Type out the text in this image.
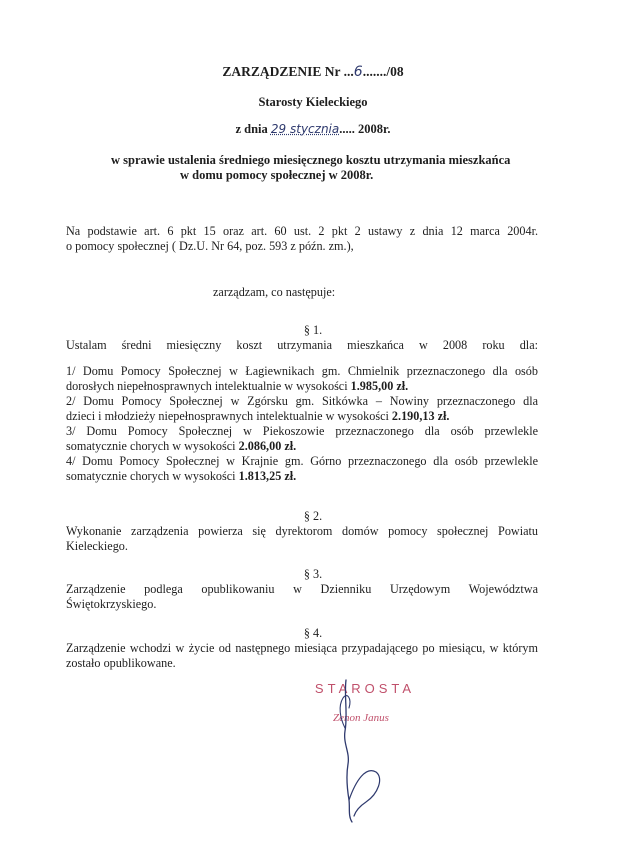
ZARZĄDZENIE Nr ...6......./08
Starosty Kieleckiego
z dnia 29 stycznia..... 2008r.
w sprawie ustalenia średniego miesięcznego kosztu utrzymania mieszkańca
w domu pomocy społecznej w 2008r.
Na podstawie art. 6 pkt 15 oraz art. 60 ust. 2 pkt 2 ustawy z dnia 12 marca 2004r.
o pomocy społecznej ( Dz.U. Nr 64, poz. 593 z późn. zm.),
zarządzam, co następuje:
§ 1.
Ustalam średni miesięczny koszt utrzymania mieszkańca w 2008 roku dla:
1/ Domu Pomocy Społecznej w Łagiewnikach gm. Chmielnik przeznaczonego dla osób
dorosłych niepełnosprawnych intelektualnie w wysokości 1.985,00 zł.
2/ Domu Pomocy Społecznej w Zgórsku gm. Sitkówka – Nowiny przeznaczonego dla
dzieci i młodzieży niepełnosprawnych intelektualnie w wysokości 2.190,13 zł.
3/ Domu Pomocy Społecznej w Piekoszowie przeznaczonego dla osób przewlekle
somatycznie chorych w wysokości 2.086,00 zł.
4/ Domu Pomocy Społecznej w Krajnie gm. Górno przeznaczonego dla osób przewlekle
somatycznie chorych w wysokości 1.813,25 zł.
§ 2.
Wykonanie zarządzenia powierza się dyrektorom domów pomocy społecznej Powiatu
Kieleckiego.
§ 3.
Zarządzenie podlega opublikowaniu w Dzienniku Urzędowym Województwa
Świętokrzyskiego.
§ 4.
Zarządzenie wchodzi w życie od następnego miesiąca przypadającego po miesiącu, w którym
zostało opublikowane.
STAROSTA
Zenon Janus
